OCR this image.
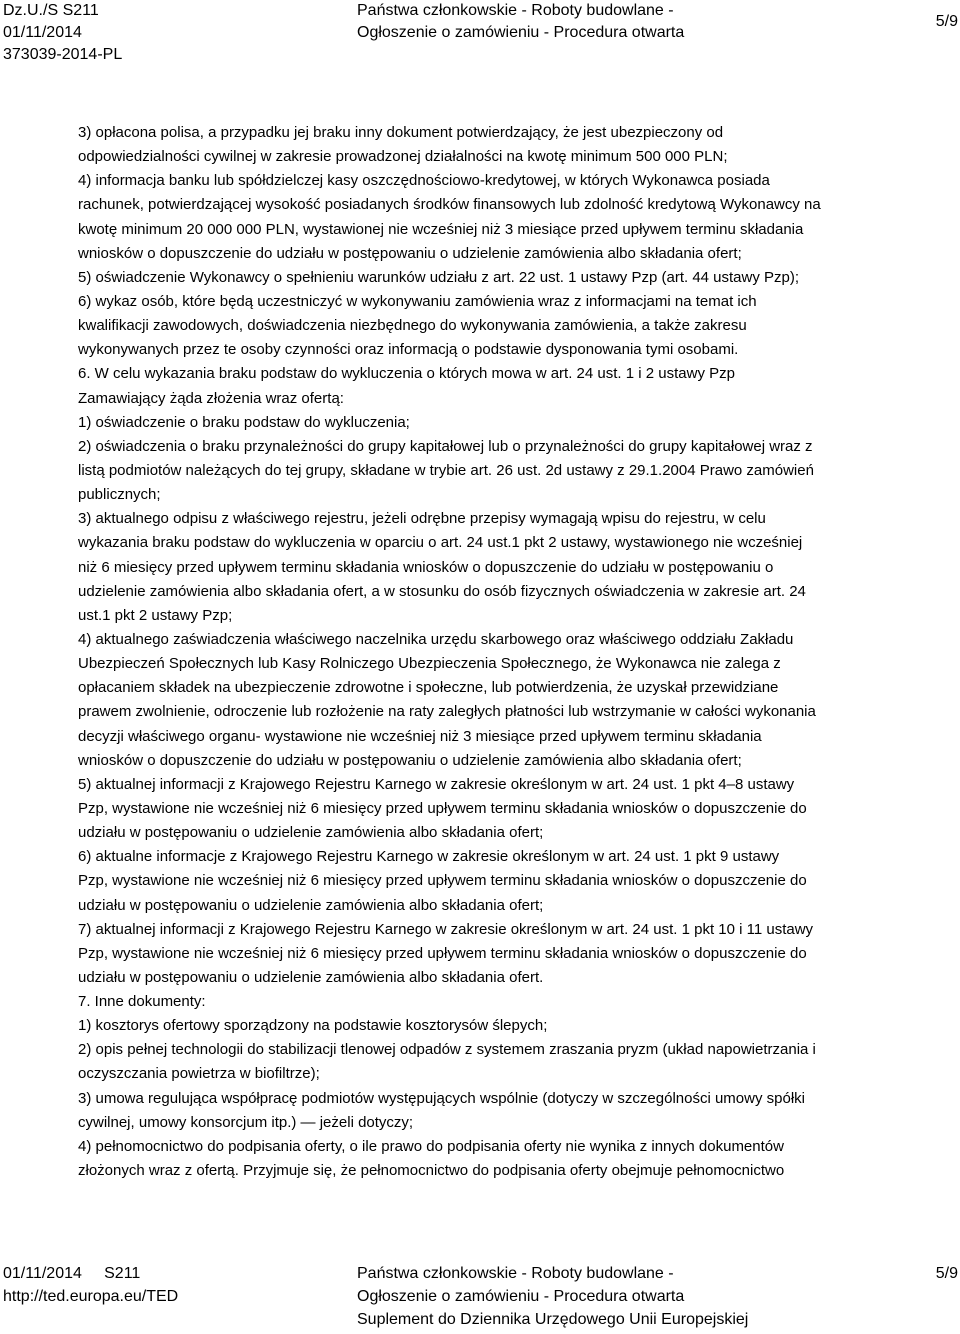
Dz.U./S S211
01/11/2014
373039-2014-PL
Państwa członkowskie - Roboty budowlane -
Ogłoszenie o zamówieniu - Procedura otwarta
5/9
3) opłacona polisa, a przypadku jej braku inny dokument potwierdzający, że jest ubezpieczony od
odpowiedzialności cywilnej w zakresie prowadzonej działalności na kwotę minimum 500 000 PLN;
4) informacja banku lub spółdzielczej kasy oszczędnościowo-kredytowej, w których Wykonawca posiada
rachunek, potwierdzającej wysokość posiadanych środków finansowych lub zdolność kredytową Wykonawcy na
kwotę minimum 20 000 000 PLN, wystawionej nie wcześniej niż 3 miesiące przed upływem terminu składania
wniosków o dopuszczenie do udziału w postępowaniu o udzielenie zamówienia albo składania ofert;
5) oświadczenie Wykonawcy o spełnieniu warunków udziału z art. 22 ust. 1 ustawy Pzp (art. 44 ustawy Pzp);
6) wykaz osób, które będą uczestniczyć w wykonywaniu zamówienia wraz z informacjami na temat ich
kwalifikacji zawodowych, doświadczenia niezbędnego do wykonywania zamówienia, a także zakresu
wykonywanych przez te osoby czynności oraz informacją o podstawie dysponowania tymi osobami.
6. W celu wykazania braku podstaw do wykluczenia o których mowa w art. 24 ust. 1 i 2 ustawy Pzp
Zamawiający żąda złożenia wraz ofertą:
1) oświadczenie o braku podstaw do wykluczenia;
2) oświadczenia o braku przynależności do grupy kapitałowej lub o przynależności do grupy kapitałowej wraz z
listą podmiotów należących do tej grupy, składane w trybie art. 26 ust. 2d ustawy z 29.1.2004 Prawo zamówień
publicznych;
3) aktualnego odpisu z właściwego rejestru, jeżeli odrębne przepisy wymagają wpisu do rejestru, w celu
wykazania braku podstaw do wykluczenia w oparciu o art. 24 ust.1 pkt 2 ustawy, wystawionego nie wcześniej
niż 6 miesięcy przed upływem terminu składania wniosków o dopuszczenie do udziału w postępowaniu o
udzielenie zamówienia albo składania ofert, a w stosunku do osób fizycznych oświadczenia w zakresie art. 24
ust.1 pkt 2 ustawy Pzp;
4) aktualnego zaświadczenia właściwego naczelnika urzędu skarbowego oraz właściwego oddziału Zakładu
Ubezpieczeń Społecznych lub Kasy Rolniczego Ubezpieczenia Społecznego, że Wykonawca nie zalega z
opłacaniem składek na ubezpieczenie zdrowotne i społeczne, lub potwierdzenia, że uzyskał przewidziane
prawem zwolnienie, odroczenie lub rozłożenie na raty zaległych płatności lub wstrzymanie w całości wykonania
decyzji właściwego organu- wystawione nie wcześniej niż 3 miesiące przed upływem terminu składania
wniosków o dopuszczenie do udziału w postępowaniu o udzielenie zamówienia albo składania ofert;
5) aktualnej informacji z Krajowego Rejestru Karnego w zakresie określonym w art. 24 ust. 1 pkt 4–8 ustawy
Pzp, wystawione nie wcześniej niż 6 miesięcy przed upływem terminu składania wniosków o dopuszczenie do
udziału w postępowaniu o udzielenie zamówienia albo składania ofert;
6) aktualne informacje z Krajowego Rejestru Karnego w zakresie określonym w art. 24 ust. 1 pkt 9 ustawy
Pzp, wystawione nie wcześniej niż 6 miesięcy przed upływem terminu składania wniosków o dopuszczenie do
udziału w postępowaniu o udzielenie zamówienia albo składania ofert;
7) aktualnej informacji z Krajowego Rejestru Karnego w zakresie określonym w art. 24 ust. 1 pkt 10 i 11 ustawy
Pzp, wystawione nie wcześniej niż 6 miesięcy przed upływem terminu składania wniosków o dopuszczenie do
udziału w postępowaniu o udzielenie zamówienia albo składania ofert.
7. Inne dokumenty:
1) kosztorys ofertowy sporządzony na podstawie kosztorysów ślepych;
2) opis pełnej technologii do stabilizacji tlenowej odpadów z systemem zraszania pryzm (układ napowietrzania i
oczyszczania powietrza w biofiltrze);
3) umowa regulująca współpracę podmiotów występujących wspólnie (dotyczy w szczególności umowy spółki
cywilnej, umowy konsorcjum itp.) — jeżeli dotyczy;
4) pełnomocnictwo do podpisania oferty, o ile prawo do podpisania oferty nie wynika z innych dokumentów
złożonych wraz z ofertą. Przyjmuje się, że pełnomocnictwo do podpisania oferty obejmuje pełnomocnictwo
01/11/2014     S211
http://ted.europa.eu/TED
Państwa członkowskie - Roboty budowlane -
Ogłoszenie o zamówieniu - Procedura otwarta
Suplement do Dziennika Urzędowego Unii Europejskiej
5/9
